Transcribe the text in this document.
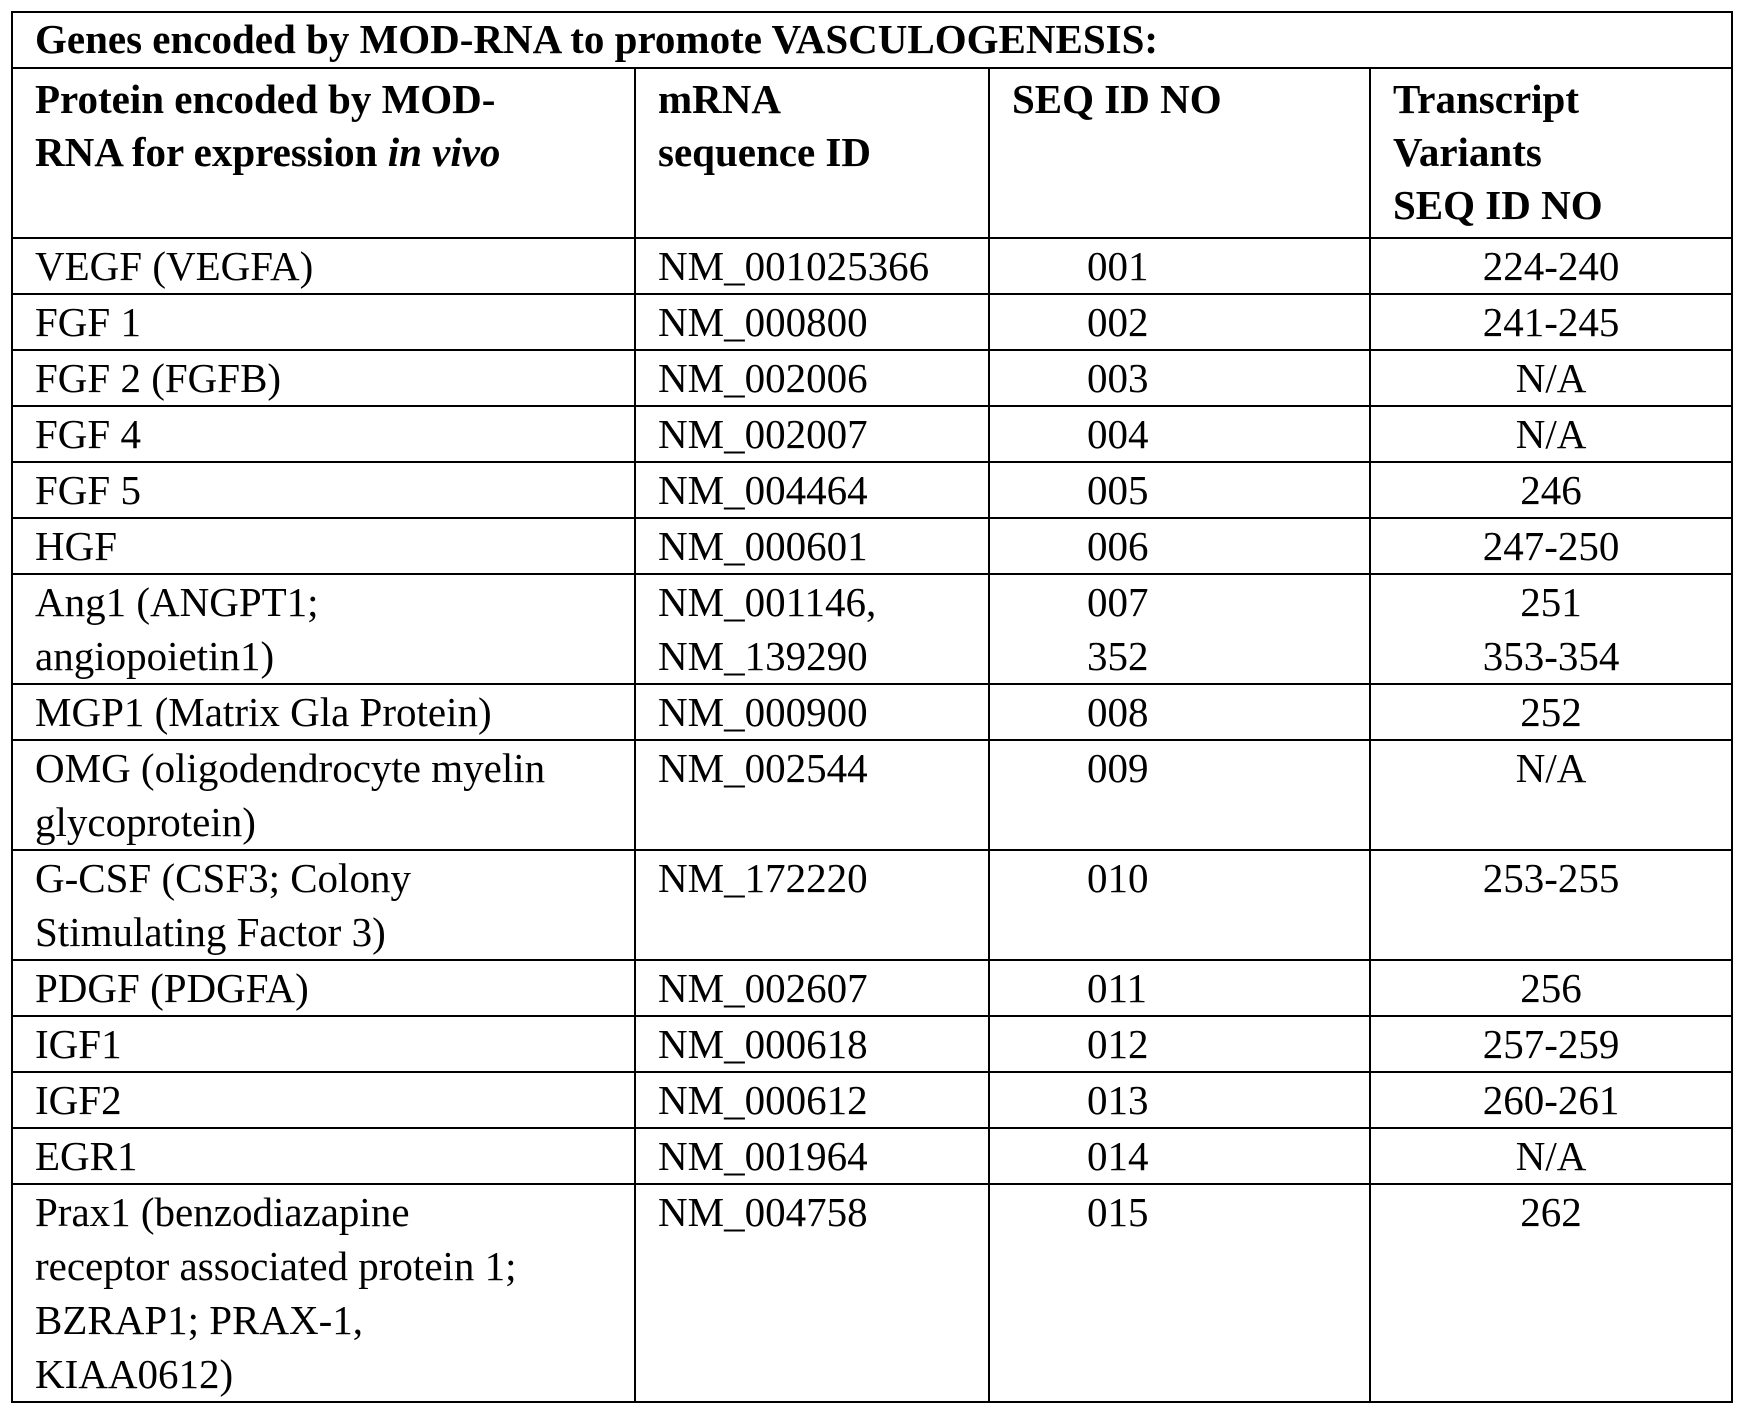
Genes encoded by MOD-RNA to promote VASCULOGENESIS:

Protein encoded by MOD-
RNA for expression in vivo

mRNA
sequence ID
	SEQ ID NO	Transcript
Variants
SEQ ID NO

VEGF (VEGFA)	NM_001025366	001	224-240

FGF 1	NM_000800	002	241-245

FGF 2 (FGFB)	NM_002006	003	N/A

FGF 4	NM_002007	004	N/A

FGF 5	NM_004464	005	246

HGF	NM_000601	006	247-250

Ang1 (ANGPT1;
angiopoietin1)

NM_001146,
NM_139290

007
352

251
353-354

MGP1 (Matrix Gla Protein)	NM_000900	008	252

OMG (oligodendrocyte myelin
glycoprotein)

NM_002544	009	N/A

G-CSF (CSF3; Colony
Stimulating Factor 3)

NM_172220	010	253-255

PDGF (PDGFA)	NM_002607	011	256

IGF1	NM_000618	012	257-259

IGF2	NM_000612	013	260-261

EGR1	NM_001964	014	N/A

Prax1 (benzodiazapine
receptor associated protein 1;
BZRAP1; PRAX-1,
KIAA0612)

NM_004758	015	262
